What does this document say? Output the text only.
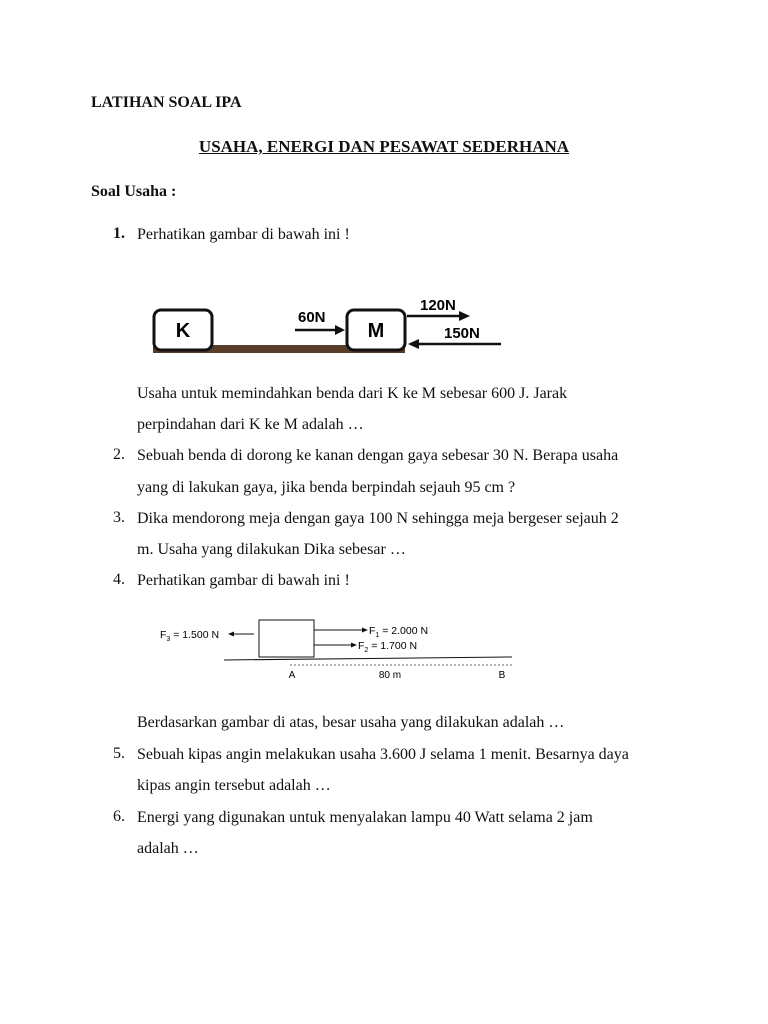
LATIHAN SOAL IPA
USAHA, ENERGI DAN PESAWAT SEDERHANA
Soal Usaha :
1. Perhatikan gambar di bawah ini !
K	M
60N
120N
150N
Usaha untuk memindahkan benda dari K ke M sebesar 600 J. Jarak
perpindahan dari K ke M adalah …
2. Sebuah benda di dorong ke kanan dengan gaya sebesar 30 N. Berapa usaha
yang di lakukan gaya, jika benda berpindah sejauh 95 cm ?
3. Dika mendorong meja dengan gaya 100 N sehingga meja bergeser sejauh 2
m. Usaha yang dilakukan Dika sebesar …
4. Perhatikan gambar di bawah ini !
$F_3 = 1.500$ N	$F_1 = 2.000$ N
$F_2 = 1.700$ N
A	80 m	B
Berdasarkan gambar di atas, besar usaha yang dilakukan adalah …
5. Sebuah kipas angin melakukan usaha 3.600 J selama 1 menit. Besarnya daya
kipas angin tersebut adalah …
6. Energi yang digunakan untuk menyalakan lampu 40 Watt selama 2 jam
adalah …
